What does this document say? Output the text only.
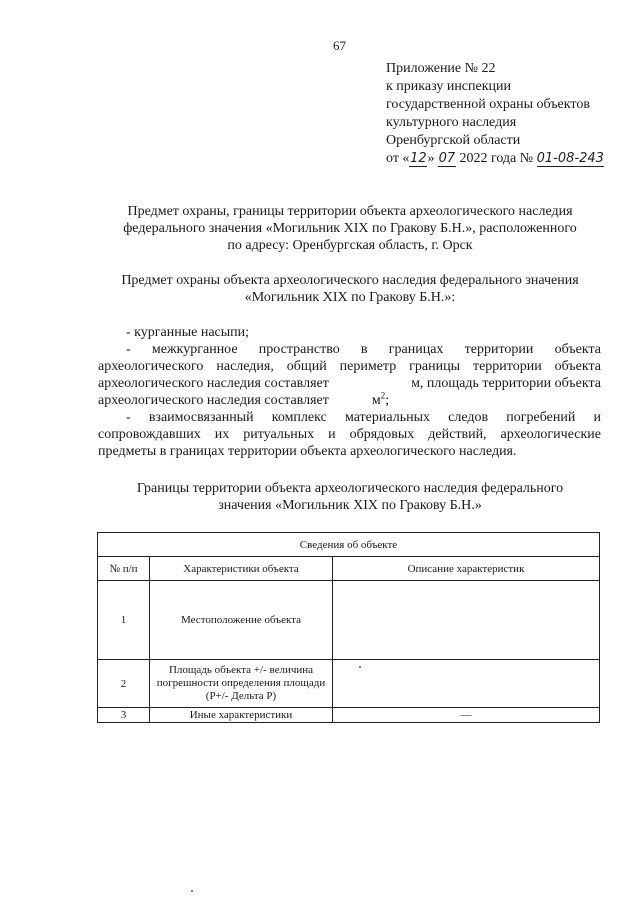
67
Приложение № 22
к приказу инспекции
государственной охраны объектов
культурного наследия
Оренбургской области
от «12» 07 2022 года № 01-08-243
Предмет охраны, границы территории объекта археологического наследия
федерального значения «Могильник XIX по Гракову Б.Н.», расположенного
по адресу: Оренбургская область, г. Орск
Предмет охраны объекта археологического наследия федерального значения
«Могильник XIX по Гракову Б.Н.»:
- курганные насыпи;
- межкурганное пространство в границах территории объекта
археологического наследия, общий периметр границы территории объекта
археологического наследия составляет	м, площадь территории объекта
археологического наследия составляет	$м^2$;
- взаимосвязанный комплекс материальных следов погребений и
сопровождавших их ритуальных и обрядовых действий, археологические
предметы в границах территории объекта археологического наследия.
Границы территории объекта археологического наследия федерального
значения «Могильник XIX по Гракову Б.Н.»
Сведения об объекте		
№ п/п	Характеристики объекта	Описание характеристик
1	Местоположение объекта	
2	Площадь объекта +/- величина погрешности определения площади (P+/- Дельта P)	

3	Иные характеристики	—
